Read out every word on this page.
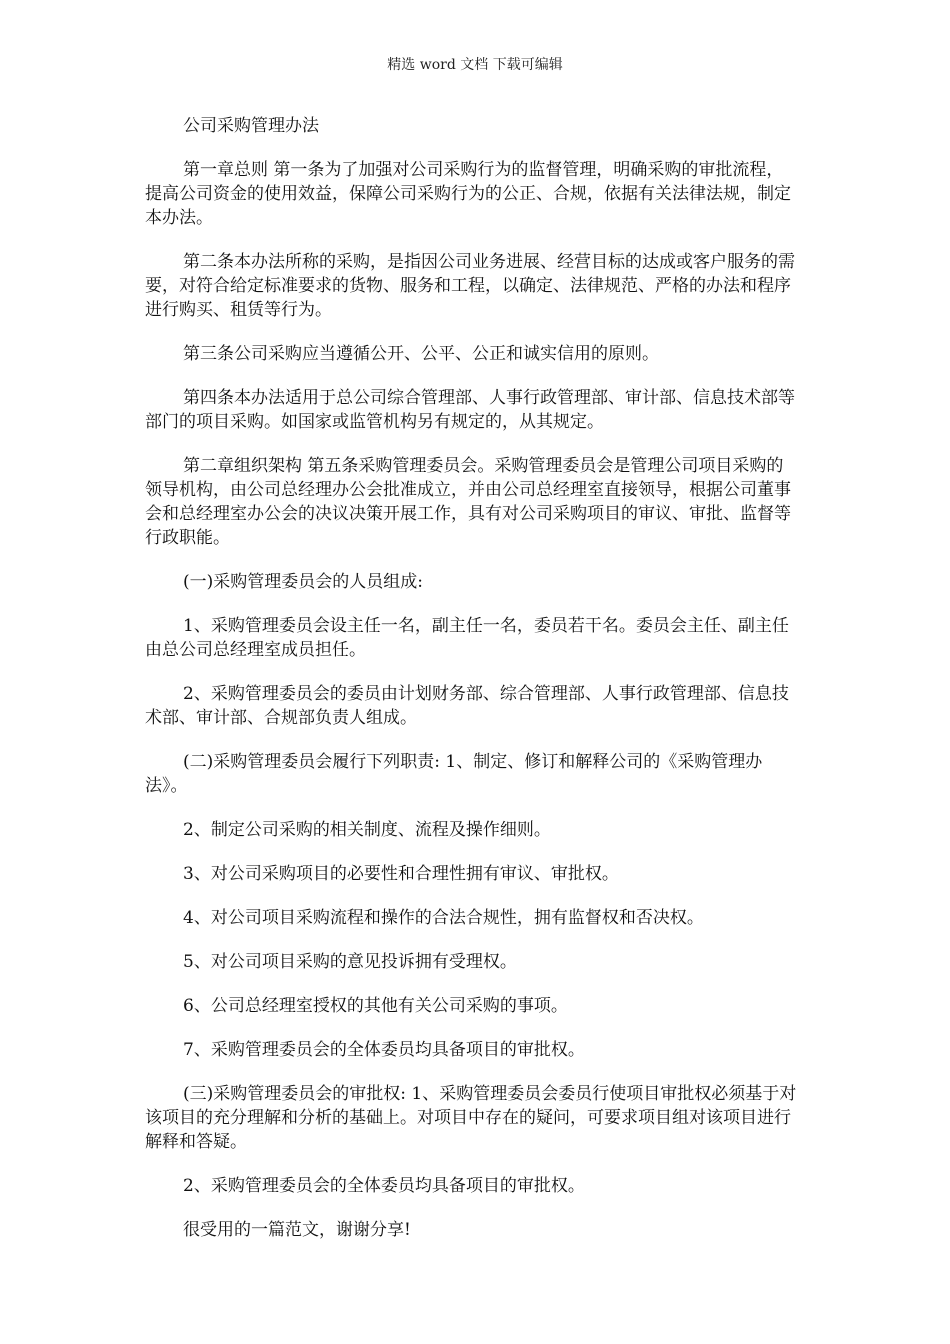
精选 word 文档 下载可编辑

公司采购管理办法

第一章总则 第一条为了加强对公司采购行为的监督管理，明确采购的审批流程，提高公司资金的使用效益，保障公司采购行为的公正、合规，依据有关法律法规，制定本办法。

第二条本办法所称的采购，是指因公司业务进展、经营目标的达成或客户服务的需要，对符合给定标准要求的货物、服务和工程，以确定、法律规范、严格的办法和程序进行购买、租赁等行为。

第三条公司采购应当遵循公开、公平、公正和诚实信用的原则。

第四条本办法适用于总公司综合管理部、人事行政管理部、审计部、信息技术部等部门的项目采购。如国家或监管机构另有规定的，从其规定。

第二章组织架构 第五条采购管理委员会。采购管理委员会是管理公司项目采购的领导机构，由公司总经理办公会批准成立，并由公司总经理室直接领导，根据公司董事会和总经理室办公会的决议决策开展工作，具有对公司采购项目的审议、审批、监督等行政职能。

(一)采购管理委员会的人员组成:

1、采购管理委员会设主任一名，副主任一名，委员若干名。委员会主任、副主任由总公司总经理室成员担任。

2、采购管理委员会的委员由计划财务部、综合管理部、人事行政管理部、信息技术部、审计部、合规部负责人组成。

(二)采购管理委员会履行下列职责: 1、制定、修订和解释公司的《采购管理办法》。

2、制定公司采购的相关制度、流程及操作细则。

3、对公司采购项目的必要性和合理性拥有审议、审批权。

4、对公司项目采购流程和操作的合法合规性，拥有监督权和否决权。

5、对公司项目采购的意见投诉拥有受理权。

6、公司总经理室授权的其他有关公司采购的事项。

7、采购管理委员会的全体委员均具备项目的审批权。

(三)采购管理委员会的审批权: 1、采购管理委员会委员行使项目审批权必须基于对该项目的充分理解和分析的基础上。对项目中存在的疑问，可要求项目组对该项目进行解释和答疑。

2、采购管理委员会的全体委员均具备项目的审批权。

很受用的一篇范文，谢谢分享!
